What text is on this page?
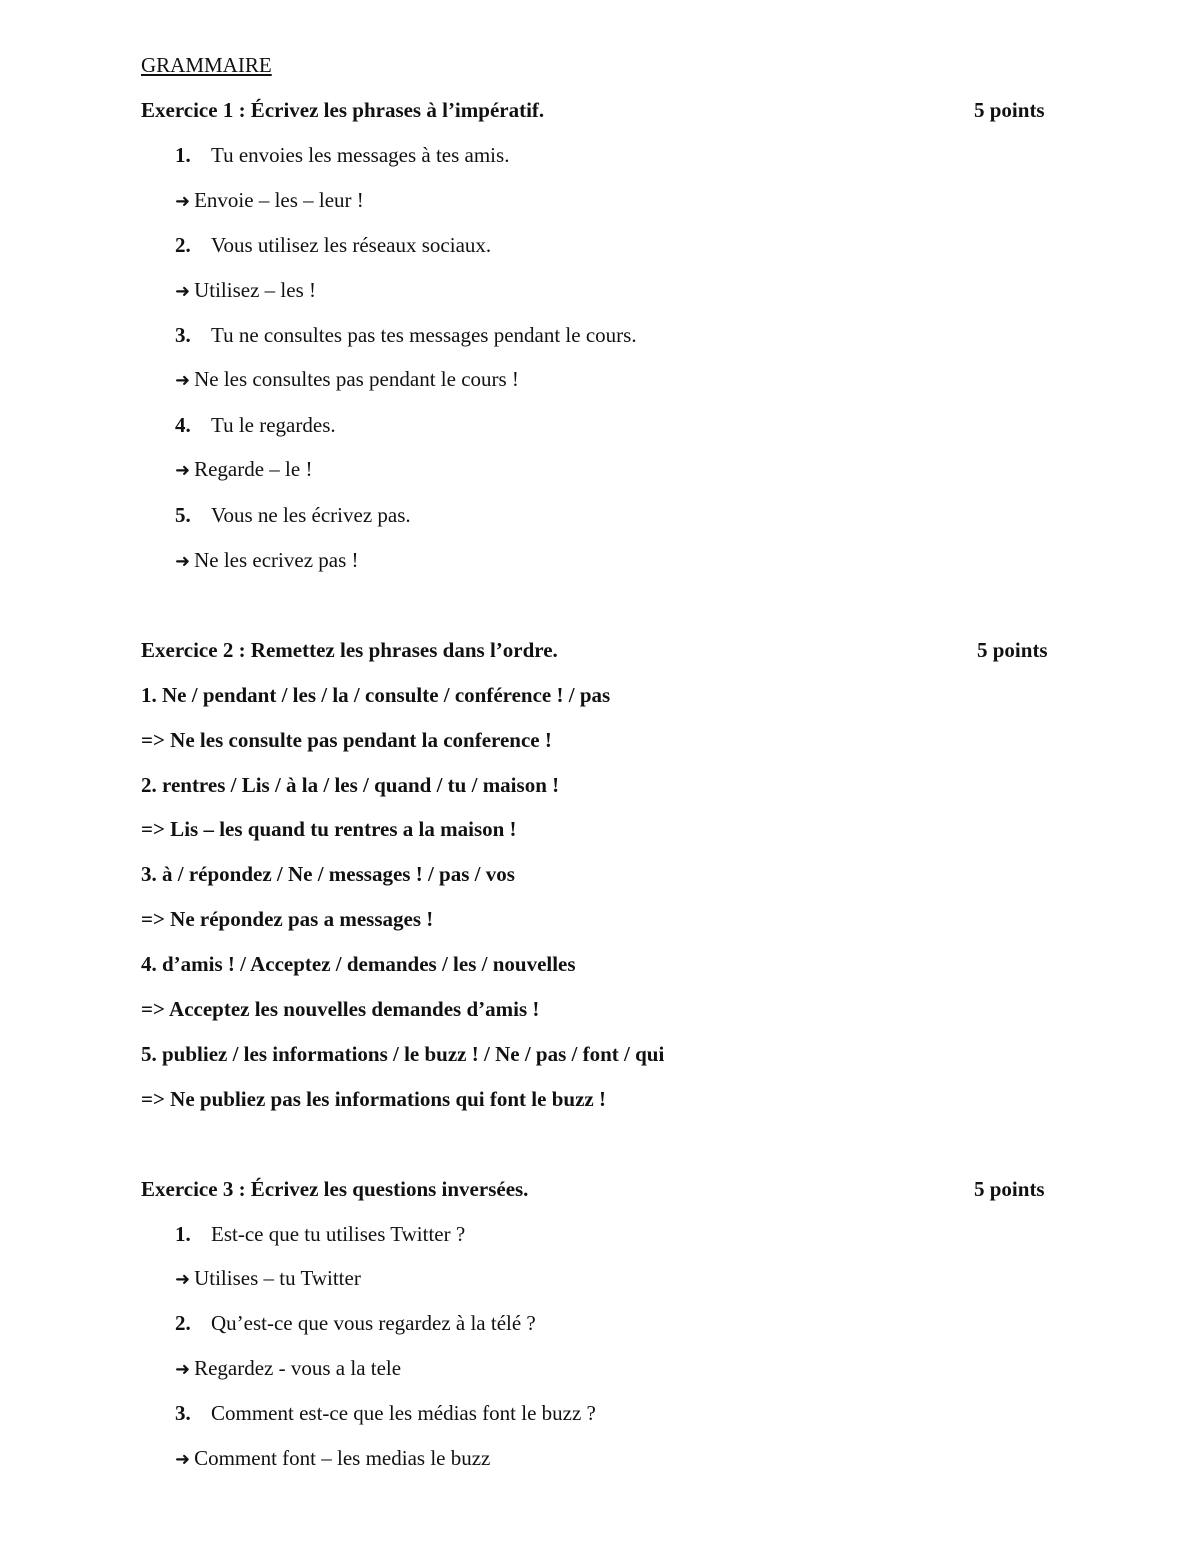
GRAMMAIRE
Exercice 1 : Écrivez les phrases à l’impératif.	5 points
1. Tu envoies les messages à tes amis.
➜ Envoie – les – leur !
2. Vous utilisez les réseaux sociaux.
➜ Utilisez – les !
3. Tu ne consultes pas tes messages pendant le cours.
➜ Ne les consultes pas pendant le cours !
4. Tu le regardes.
➜ Regarde – le !
5. Vous ne les écrivez pas.
➜ Ne les ecrivez pas !
Exercice 2 : Remettez les phrases dans l’ordre.	5 points
1. Ne / pendant / les / la / consulte / conférence ! / pas
=> Ne les consulte pas pendant la conference !
2. rentres / Lis / à la / les / quand / tu / maison !
=> Lis – les quand tu rentres a la maison !
3. à / répondez / Ne / messages ! / pas / vos
=> Ne répondez pas a messages !
4. d’amis ! / Acceptez / demandes / les / nouvelles
=> Acceptez les nouvelles demandes d’amis !
5. publiez / les informations / le buzz ! / Ne / pas / font / qui
=> Ne publiez pas les informations qui font le buzz !
Exercice 3 : Écrivez les questions inversées.	5 points
1. Est-ce que tu utilises Twitter ?
➜ Utilises – tu Twitter
2. Qu’est-ce que vous regardez à la télé ?
➜ Regardez - vous a la tele
3. Comment est-ce que les médias font le buzz ?
➜ Comment font – les medias le buzz
